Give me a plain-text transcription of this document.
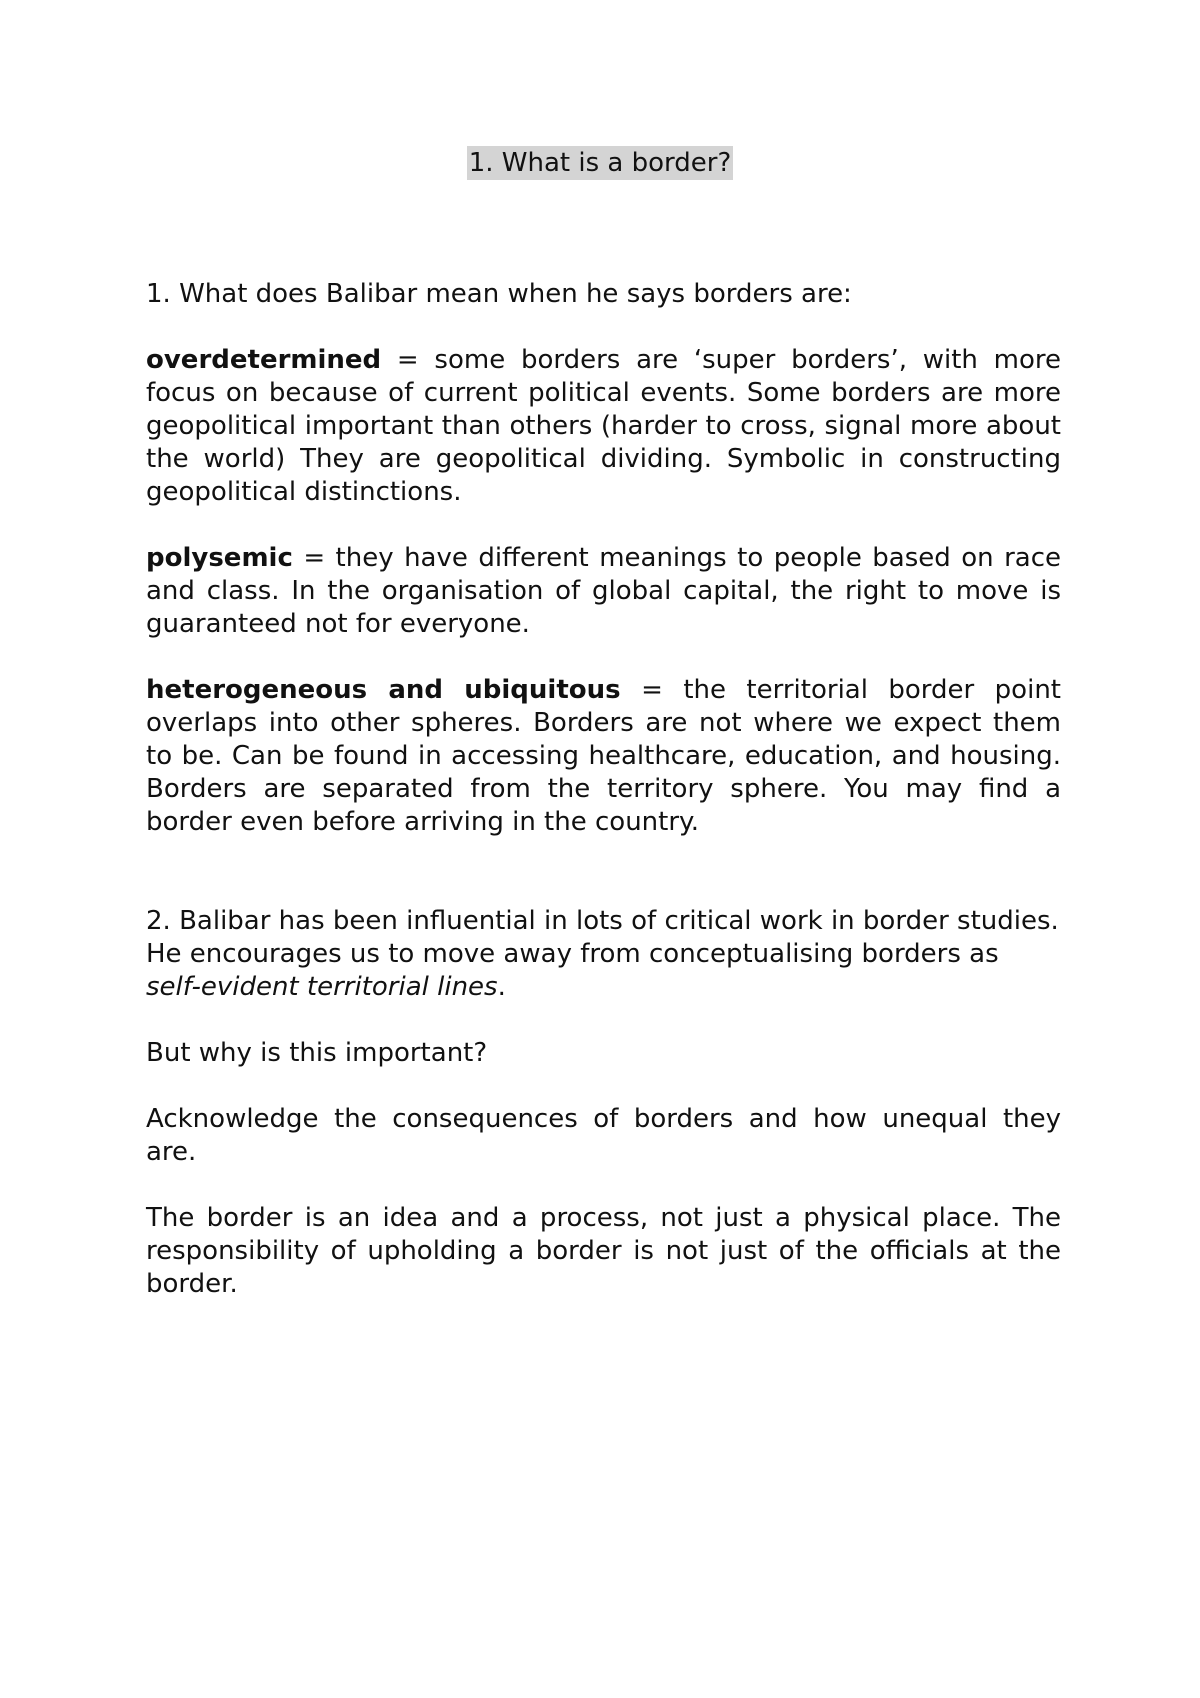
1. What is a border?

1. What does Balibar mean when he says borders are:

overdetermined = some borders are ‘super borders’, with more focus on because of current political events. Some borders are more geopolitical important than others (harder to cross, signal more about the world) They are geopolitical dividing. Symbolic in constructing geopolitical distinctions.

polysemic = they have different meanings to people based on race and class. In the organisation of global capital, the right to move is guaranteed not for everyone.

heterogeneous and ubiquitous = the territorial border point overlaps into other spheres. Borders are not where we expect them to be. Can be found in accessing healthcare, education, and housing. Borders are separated from the territory sphere. You may find a border even before arriving in the country.

2. Balibar has been influential in lots of critical work in border studies. He encourages us to move away from conceptualising borders as self-evident territorial lines.

But why is this important?

Acknowledge the consequences of borders and how unequal they are.

The border is an idea and a process, not just a physical place. The responsibility of upholding a border is not just of the officials at the border.
